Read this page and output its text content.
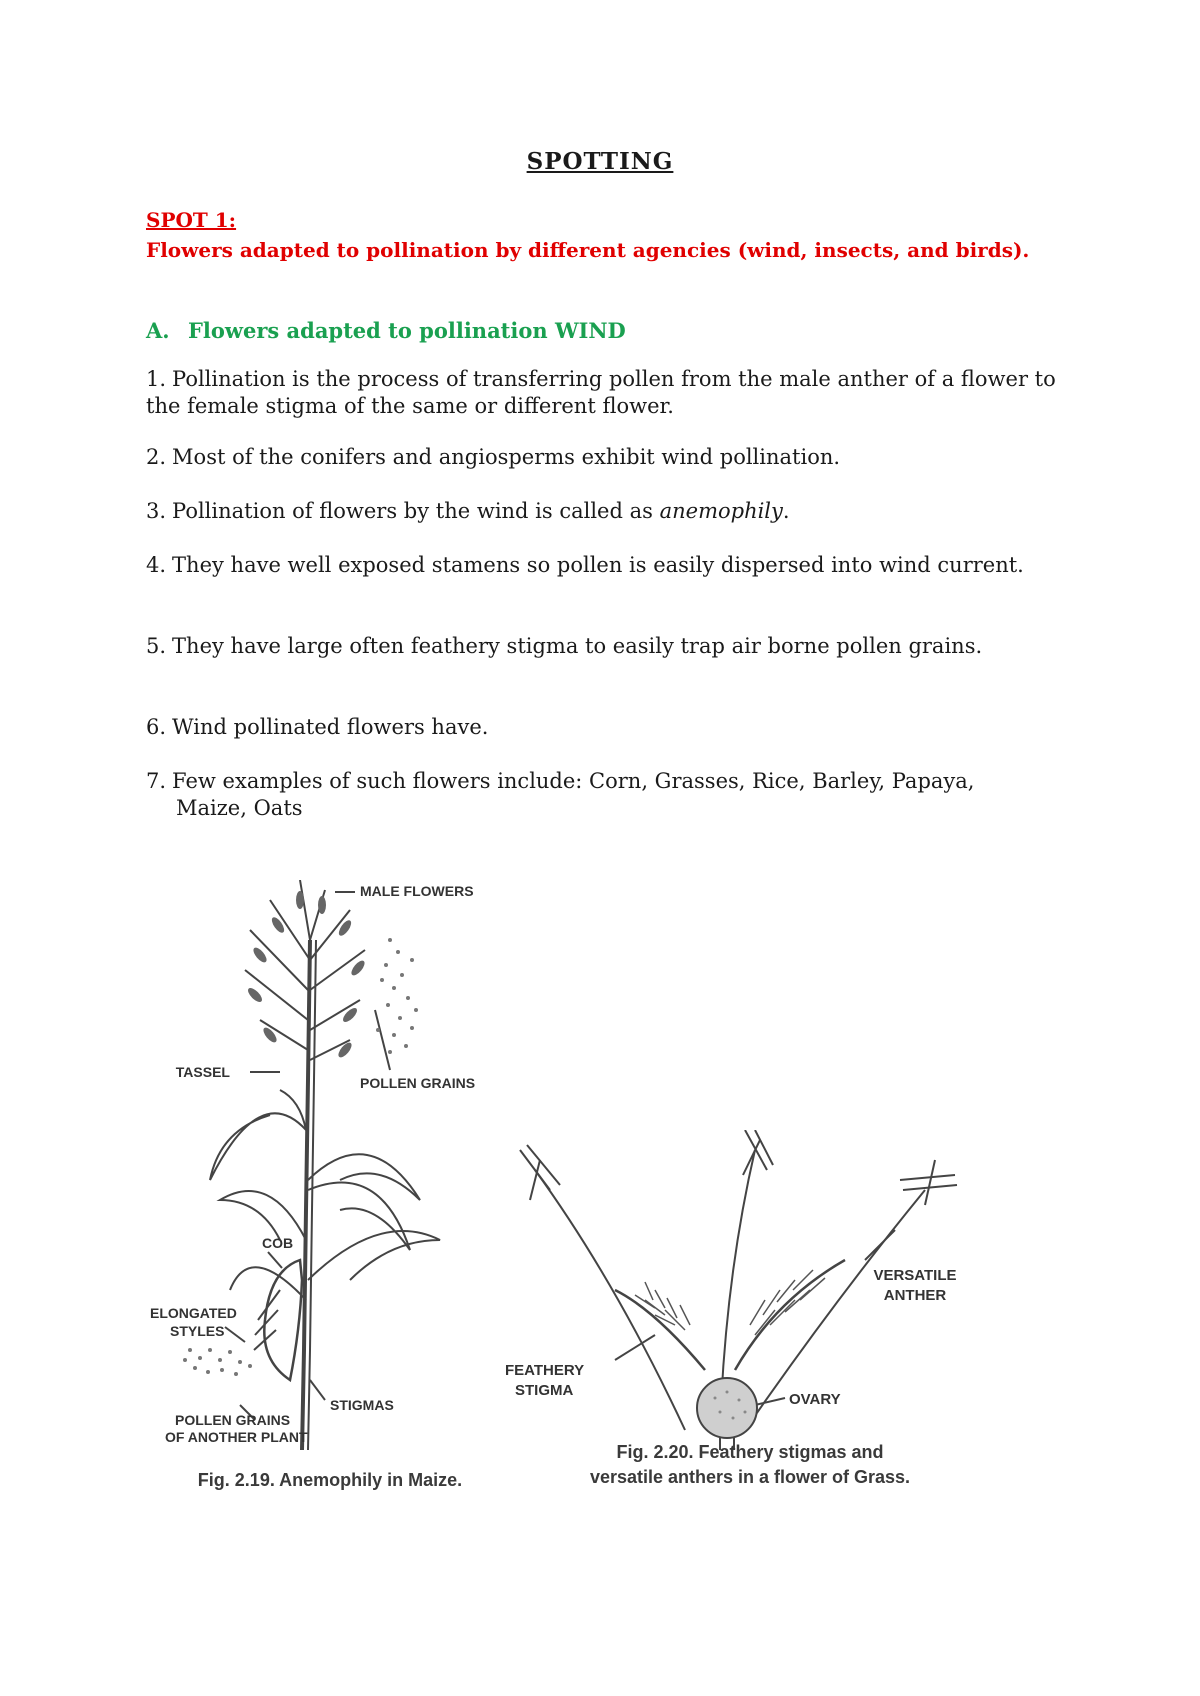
SPOTTING
SPOT 1:
Flowers adapted to pollination by different agencies (wind, insects, and birds).
A. Flowers adapted to pollination WIND
1. Pollination is the process of transferring pollen from the male anther of a flower to the female stigma of the same or different flower.
2. Most of the conifers and angiosperms exhibit wind pollination.
3. Pollination of flowers by the wind is called as anemophily.
4. They have well exposed stamens so pollen is easily dispersed into wind current.
5. They have large often feathery stigma to easily trap air borne pollen grains.
6. Wind pollinated flowers have.
7. Few examples of such flowers include: Corn, Grasses, Rice, Barley, Papaya, Maize, Oats
MALE FLOWERS
TASSEL
POLLEN GRAINS
COB
ELONGATED
STYLES
STIGMAS
POLLEN GRAINS
OF ANOTHER PLANT
Fig. 2.19. Anemophily in Maize.
VERSATILE
ANTHER
FEATHERY
STIGMA
OVARY
Fig. 2.20. Feathery stigmas and
versatile anthers in a flower of Grass.
